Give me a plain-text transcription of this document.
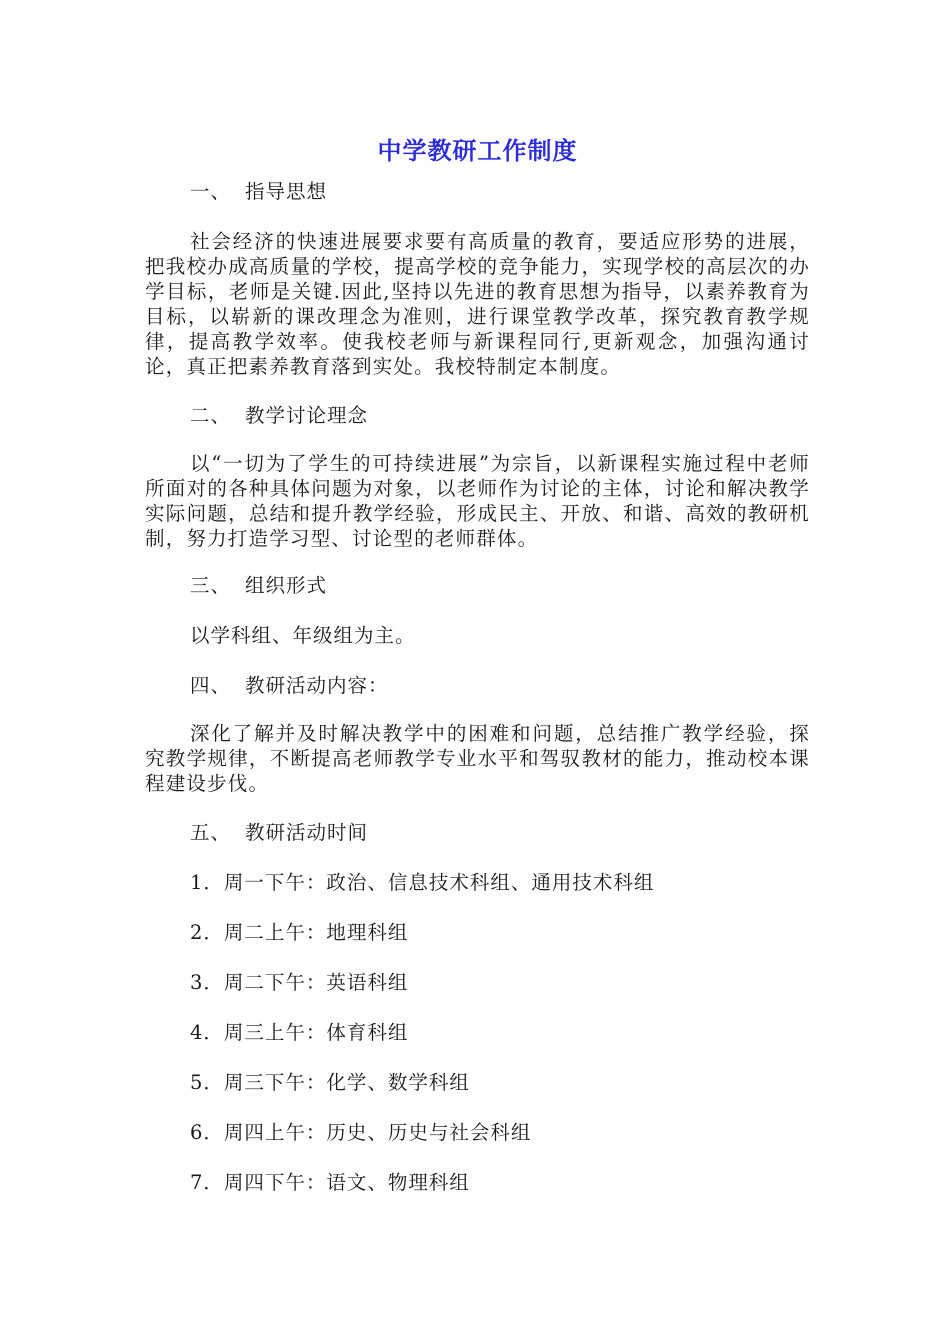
中学教研工作制度

一、 指导思想

社会经济的快速进展要求要有高质量的教育，要适应形势的进展，把我校办成高质量的学校，提高学校的竞争能力，实现学校的高层次的办学目标，老师是关键.因此,坚持以先进的教育思想为指导，以素养教育为目标，以崭新的课改理念为准则，进行课堂教学改革，探究教育教学规律，提高教学效率。使我校老师与新课程同行,更新观念，加强沟通讨论，真正把素养教育落到实处。我校特制定本制度。

二、 教学讨论理念

以“一切为了学生的可持续进展”为宗旨，以新课程实施过程中老师所面对的各种具体问题为对象，以老师作为讨论的主体，讨论和解决教学实际问题，总结和提升教学经验，形成民主、开放、和谐、高效的教研机制，努力打造学习型、讨论型的老师群体。

三、 组织形式

以学科组、年级组为主。

四、 教研活动内容：

深化了解并及时解决教学中的困难和问题，总结推广教学经验，探究教学规律，不断提高老师教学专业水平和驾驭教材的能力，推动校本课程建设步伐。

五、 教研活动时间

1．周一下午：政治、信息技术科组、通用技术科组

2．周二上午：地理科组

3．周二下午：英语科组

4．周三上午：体育科组

5．周三下午：化学、数学科组

6．周四上午：历史、历史与社会科组

7．周四下午：语文、物理科组
